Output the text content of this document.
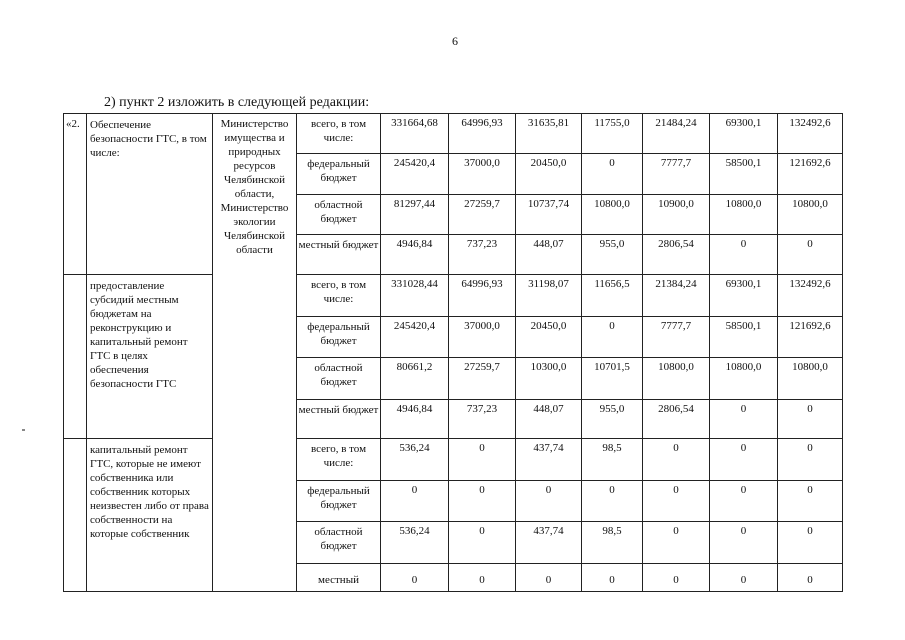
6
2) пункт 2 изложить в следующей редакции:
«2.	Обеспечение безопасности ГТС, в том числе:	Министерство имущества и природных ресурсов Челябинской области, Министерство экологии Челябинской области	всего, в том числе:	331664,68	64996,93	31635,81	11755,0	21484,24	69300,1	132492,6

			федеральный бюджет	245420,4	37000,0	20450,0	0	7777,7	58500,1	121692,6

			областной бюджет	81297,44	27259,7	10737,74	10800,0	10900,0	10800,0	10800,0

			местный бюджет	4946,84	737,23	448,07	955,0	2806,54	0	0

	предоставление субсидий местным бюджетам на реконструкцию и капитальный ремонт ГТС в целях обеспечения безопасности ГТС		всего, в том числе:	331028,44	64996,93	31198,07	11656,5	21384,24	69300,1	132492,6

			федеральный бюджет	245420,4	37000,0	20450,0	0	7777,7	58500,1	121692,6

			областной бюджет	80661,2	27259,7	10300,0	10701,5	10800,0	10800,0	10800,0

			местный бюджет	4946,84	737,23	448,07	955,0	2806,54	0	0

	капитальный ремонт ГТС, которые не имеют собственника или собственник которых неизвестен либо от права собственности на которые собственник		всего, в том числе:	536,24	0	437,74	98,5	0	0	0

			федеральный бюджет	0	0	0	0	0	0	0

			областной бюджет	536,24	0	437,74	98,5	0	0	0

			местный	0	0	0	0	0	0	0
